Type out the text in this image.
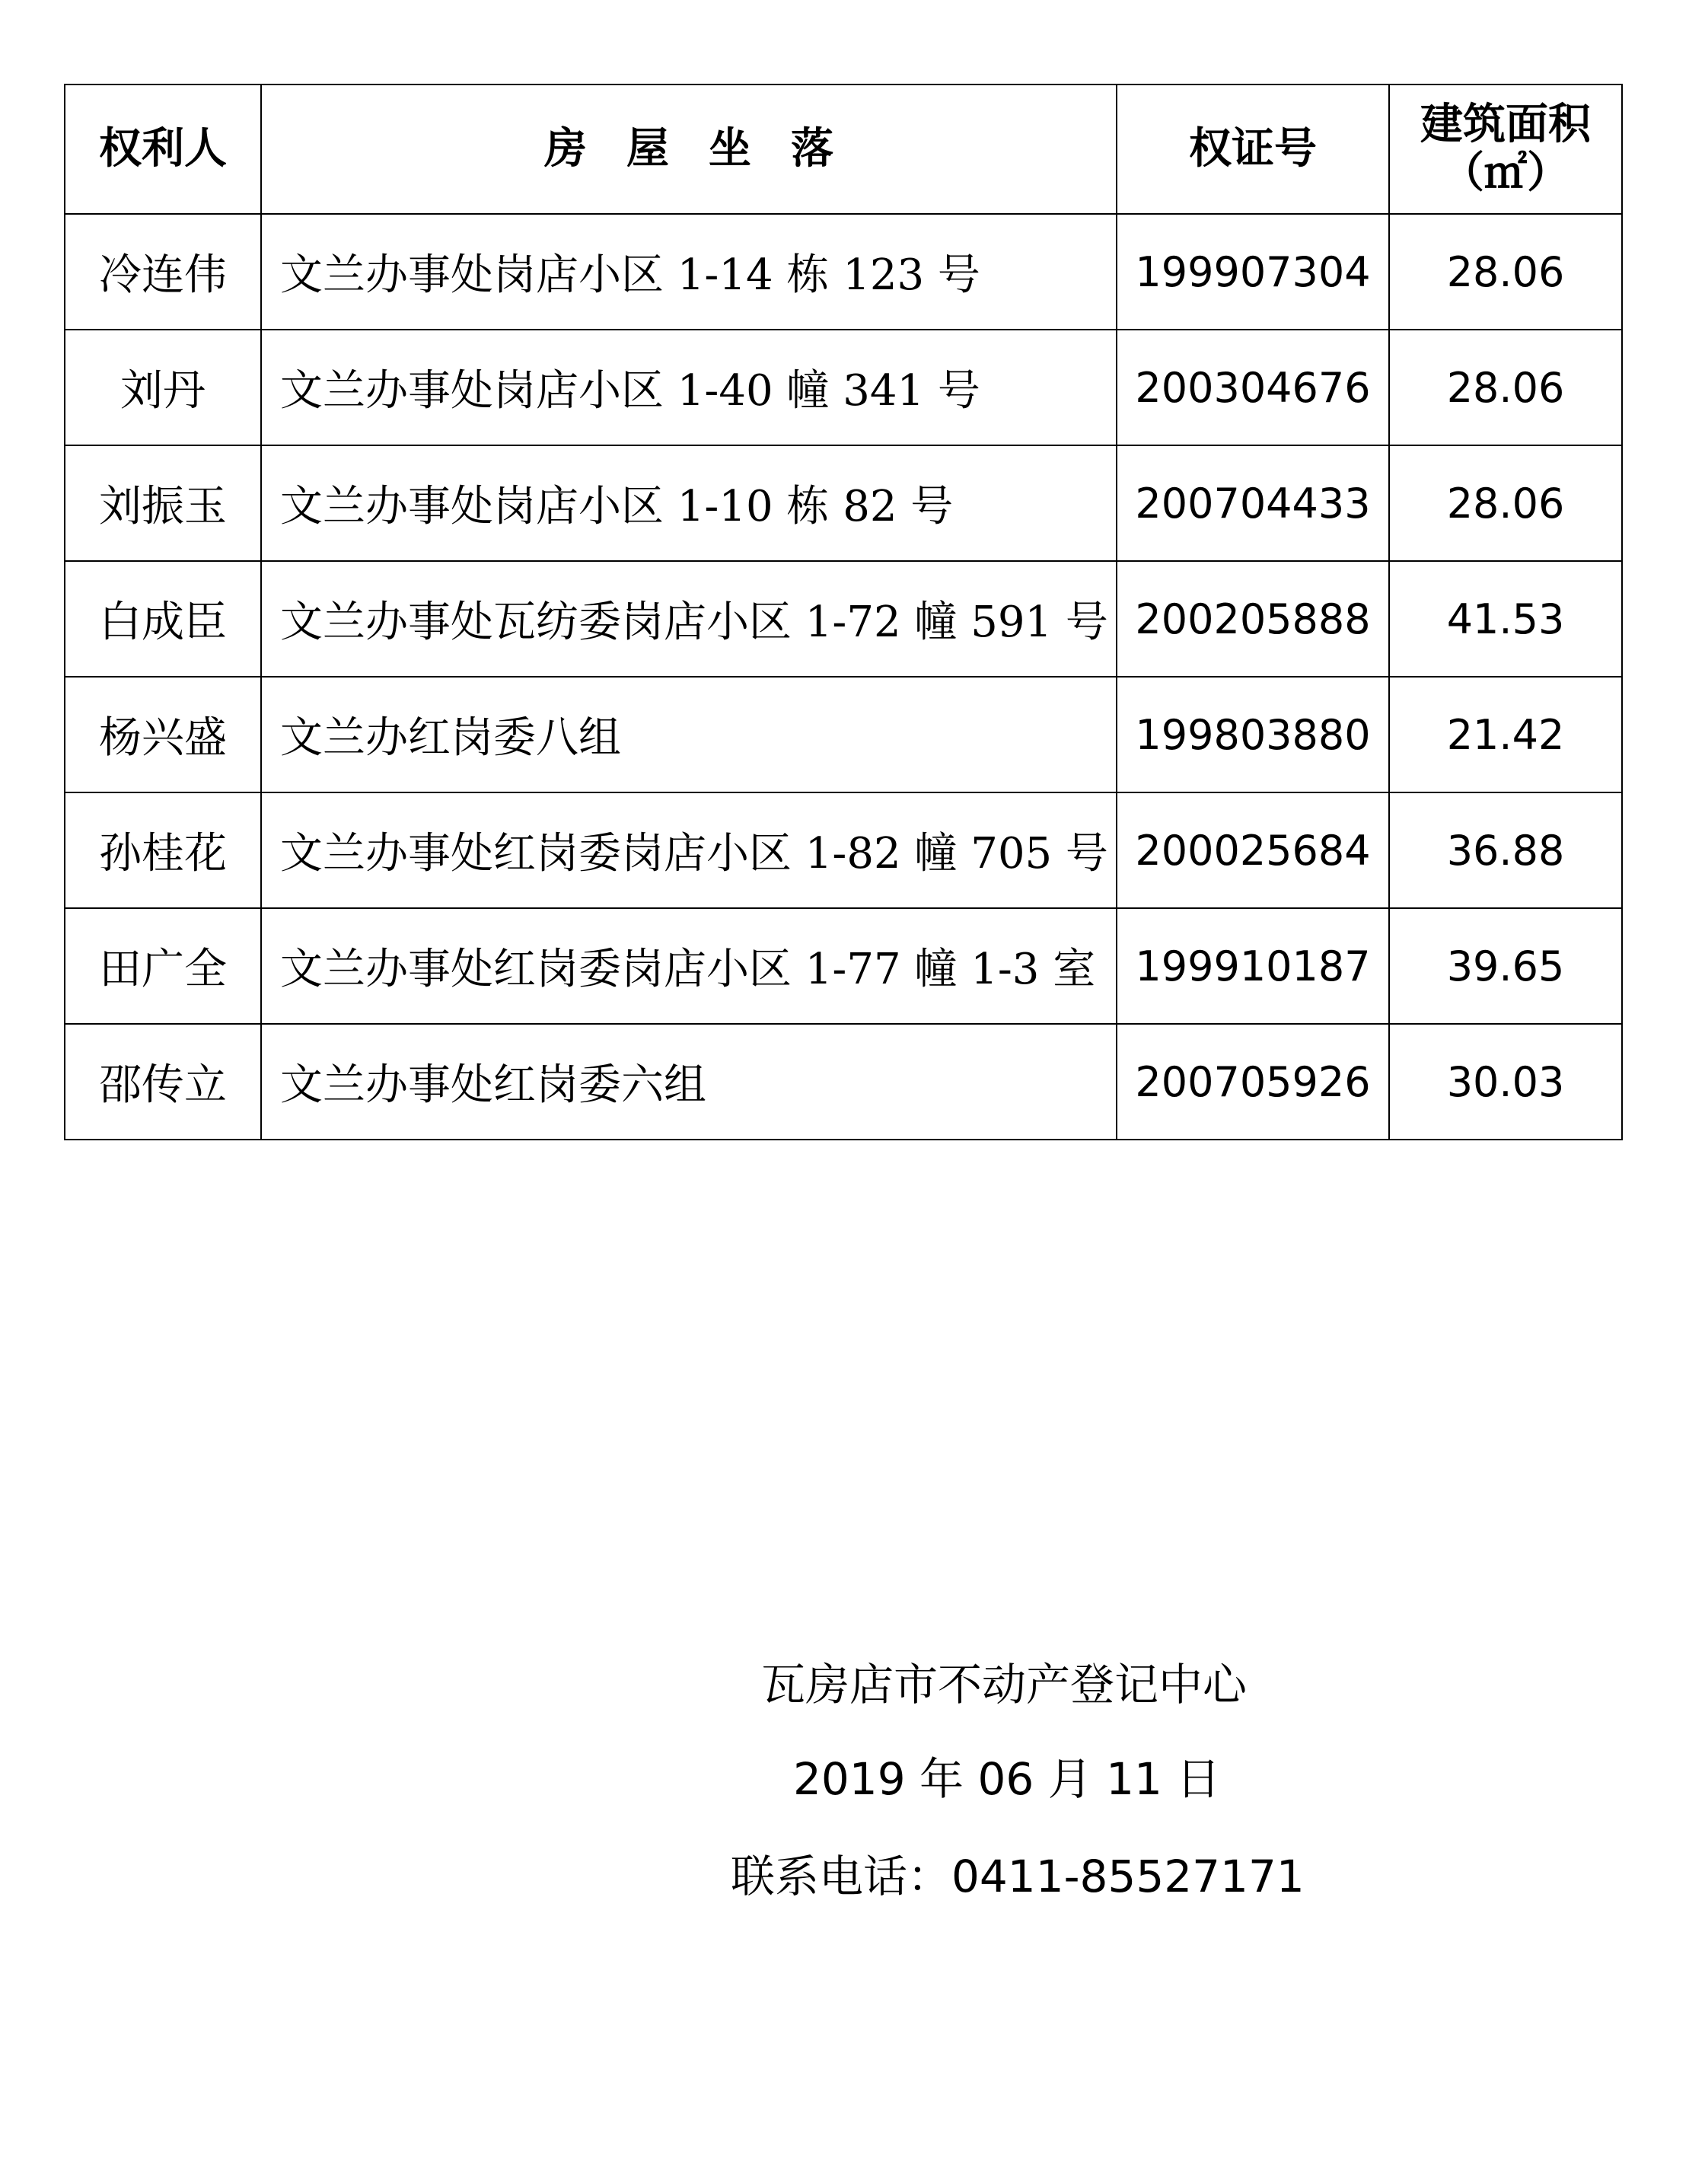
权利人	房屋坐落	权证号	建筑面积
（㎡）

冷连伟	文兰办事处岗店小区 1-14 栋 123 号	199907304	28.06
刘丹	文兰办事处岗店小区 1-40 幢 341 号	200304676	28.06
刘振玉	文兰办事处岗店小区 1-10 栋 82 号	200704433	28.06
白成臣	文兰办事处瓦纺委岗店小区 1-72 幢 591 号	200205888	41.53
杨兴盛	文兰办红岗委八组	199803880	21.42
孙桂花	文兰办事处红岗委岗店小区 1-82 幢 705 号	200025684	36.88
田广全	文兰办事处红岗委岗店小区 1-77 幢 1-3 室	199910187	39.65
邵传立	文兰办事处红岗委六组	200705926	30.03
瓦房店市不动产登记中心
2019 年 06 月 11 日
联系电话：0411-85527171
